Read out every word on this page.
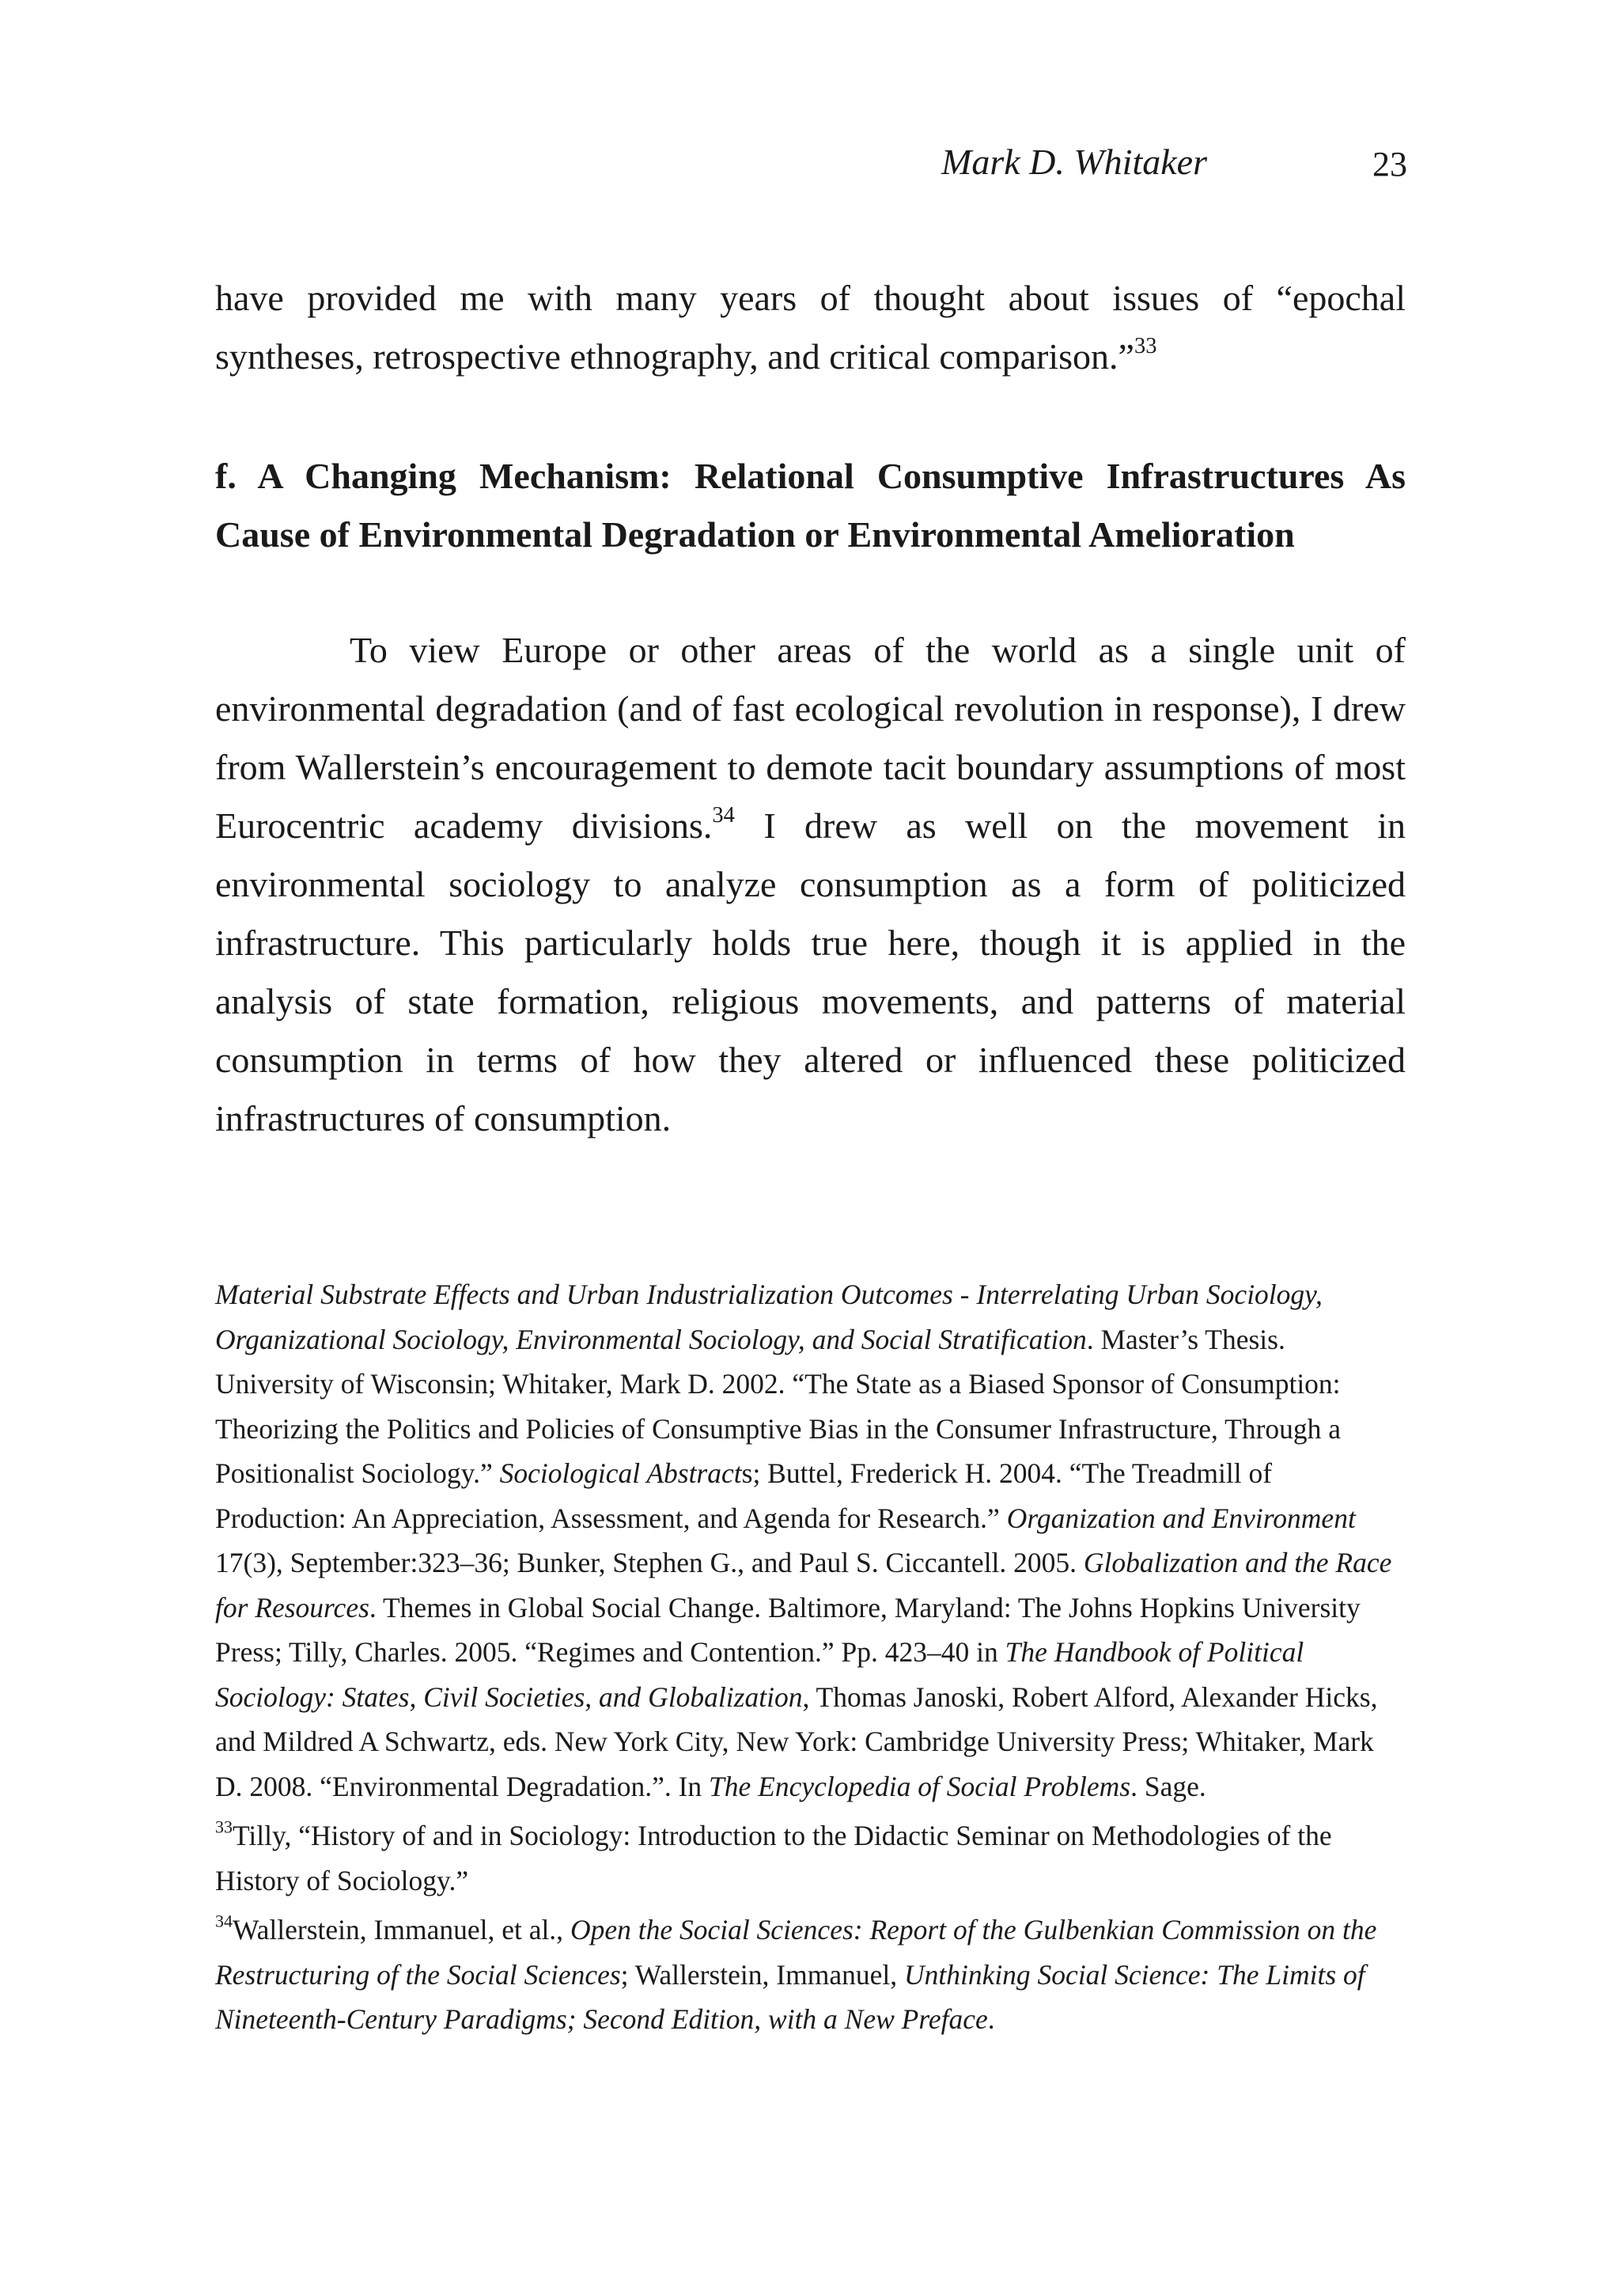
Mark D. Whitaker	23

have provided me with many years of thought about issues of “epochal syntheses, retrospective ethnography, and critical comparison.”$^{33}$

f. A Changing Mechanism: Relational Consumptive Infrastructures As Cause of Environmental Degradation or Environmental Amelioration

To view Europe or other areas of the world as a single unit of environmental degradation (and of fast ecological revolution in response), I drew from Wallerstein’s encouragement to demote tacit boundary assumptions of most Eurocentric academy divisions.$^{34}$ I drew as well on the movement in environmental sociology to analyze consumption as a form of politicized infrastructure. This particularly holds true here, though it is applied in the analysis of state formation, religious movements, and patterns of material consumption in terms of how they altered or influenced these politicized infrastructures of consumption.

Material Substrate Effects and Urban Industrialization Outcomes - Interrelating Urban Sociology, Organizational Sociology, Environmental Sociology, and Social Stratification. Master’s Thesis. University of Wisconsin; Whitaker, Mark D. 2002. “The State as a Biased Sponsor of Consumption: Theorizing the Politics and Policies of Consumptive Bias in the Consumer Infrastructure, Through a Positionalist Sociology.” Sociological Abstracts; Buttel, Frederick H. 2004. “The Treadmill of Production: An Appreciation, Assessment, and Agenda for Research.” Organization and Environment 17(3), September:323–36; Bunker, Stephen G., and Paul S. Ciccantell. 2005. Globalization and the Race for Resources. Themes in Global Social Change. Baltimore, Maryland: The Johns Hopkins University Press; Tilly, Charles. 2005. “Regimes and Contention.” Pp. 423–40 in The Handbook of Political Sociology: States, Civil Societies, and Globalization, Thomas Janoski, Robert Alford, Alexander Hicks, and Mildred A Schwartz, eds. New York City, New York: Cambridge University Press; Whitaker, Mark D. 2008. “Environmental Degradation.”. In The Encyclopedia of Social Problems. Sage.

$^{33}$Tilly, “History of and in Sociology: Introduction to the Didactic Seminar on Methodologies of the History of Sociology.”

$^{34}$Wallerstein, Immanuel, et al., Open the Social Sciences: Report of the Gulbenkian Commission on the Restructuring of the Social Sciences; Wallerstein, Immanuel, Unthinking Social Science: The Limits of Nineteenth-Century Paradigms; Second Edition, with a New Preface.
